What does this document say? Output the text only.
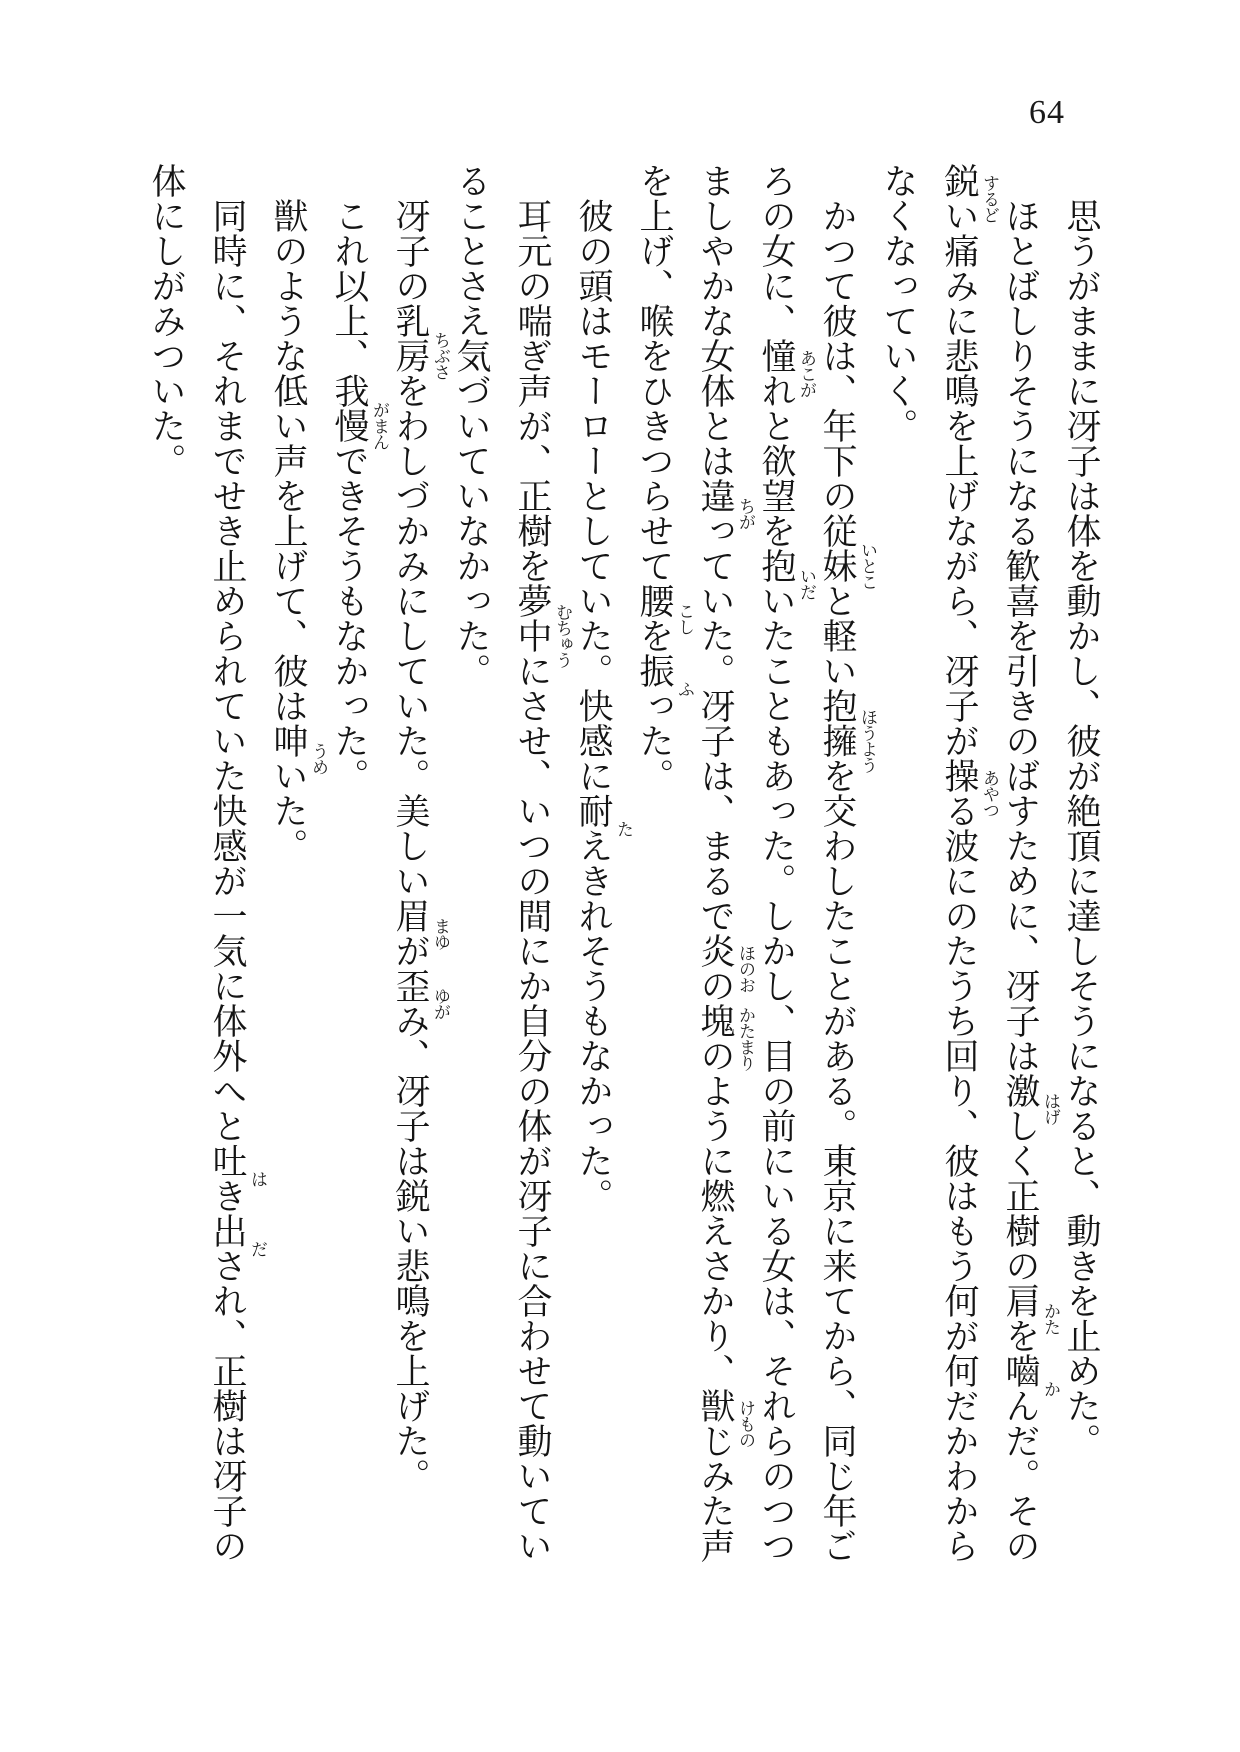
64

思うがままに冴子は体を動かし、彼が絶頂に達しそうになると、動きを止めた。

ほとばしりそうになる歓喜を引きのばすために、冴子は激 はげ
しく正樹の肩 かた
を嚙 か
んだ。その鋭 するど
い痛みに悲鳴を上げながら、冴子が操 あやつ
る波にのたうち回り、彼はもう何が何だかわからなくなっていく。

かつて彼は、年下の従妹 いとこ
と軽い抱擁 ほうよう
を交わしたことがある。東京に来てから、同じ年ごろの女に、憧 あこが
れと欲望を抱 いだ
いたこともあった。しかし、目の前にいる女は、それらのつつましやかな女体とは違 ちが
っていた。冴子は、まるで炎 ほのお
の塊 かたまり
のように燃えさかり、獣 けもの
じみた声を上げ、喉をひきつらせて腰 こし
を振 ふ
った。

彼の頭はモーローとしていた。快感に耐 た
えきれそうもなかった。

耳元の喘ぎ声が、正樹を夢中 むちゅう
にさせ、いつの間にか自分の体が冴子に合わせて動いていることさえ気づいていなかった。

冴子の乳房 ちぶさ
をわしづかみにしていた。美しい眉 まゆ
が歪 ゆが
み、冴子は鋭い悲鳴を上げた。

これ以上、我慢 がまん
できそうもなかった。

獣のような低い声を上げて、彼は呻 うめ
いた。

同時に、それまでせき止められていた快感が一気に体外へと吐 は
き出 だ
され、正樹は冴子の体にしがみついた。
